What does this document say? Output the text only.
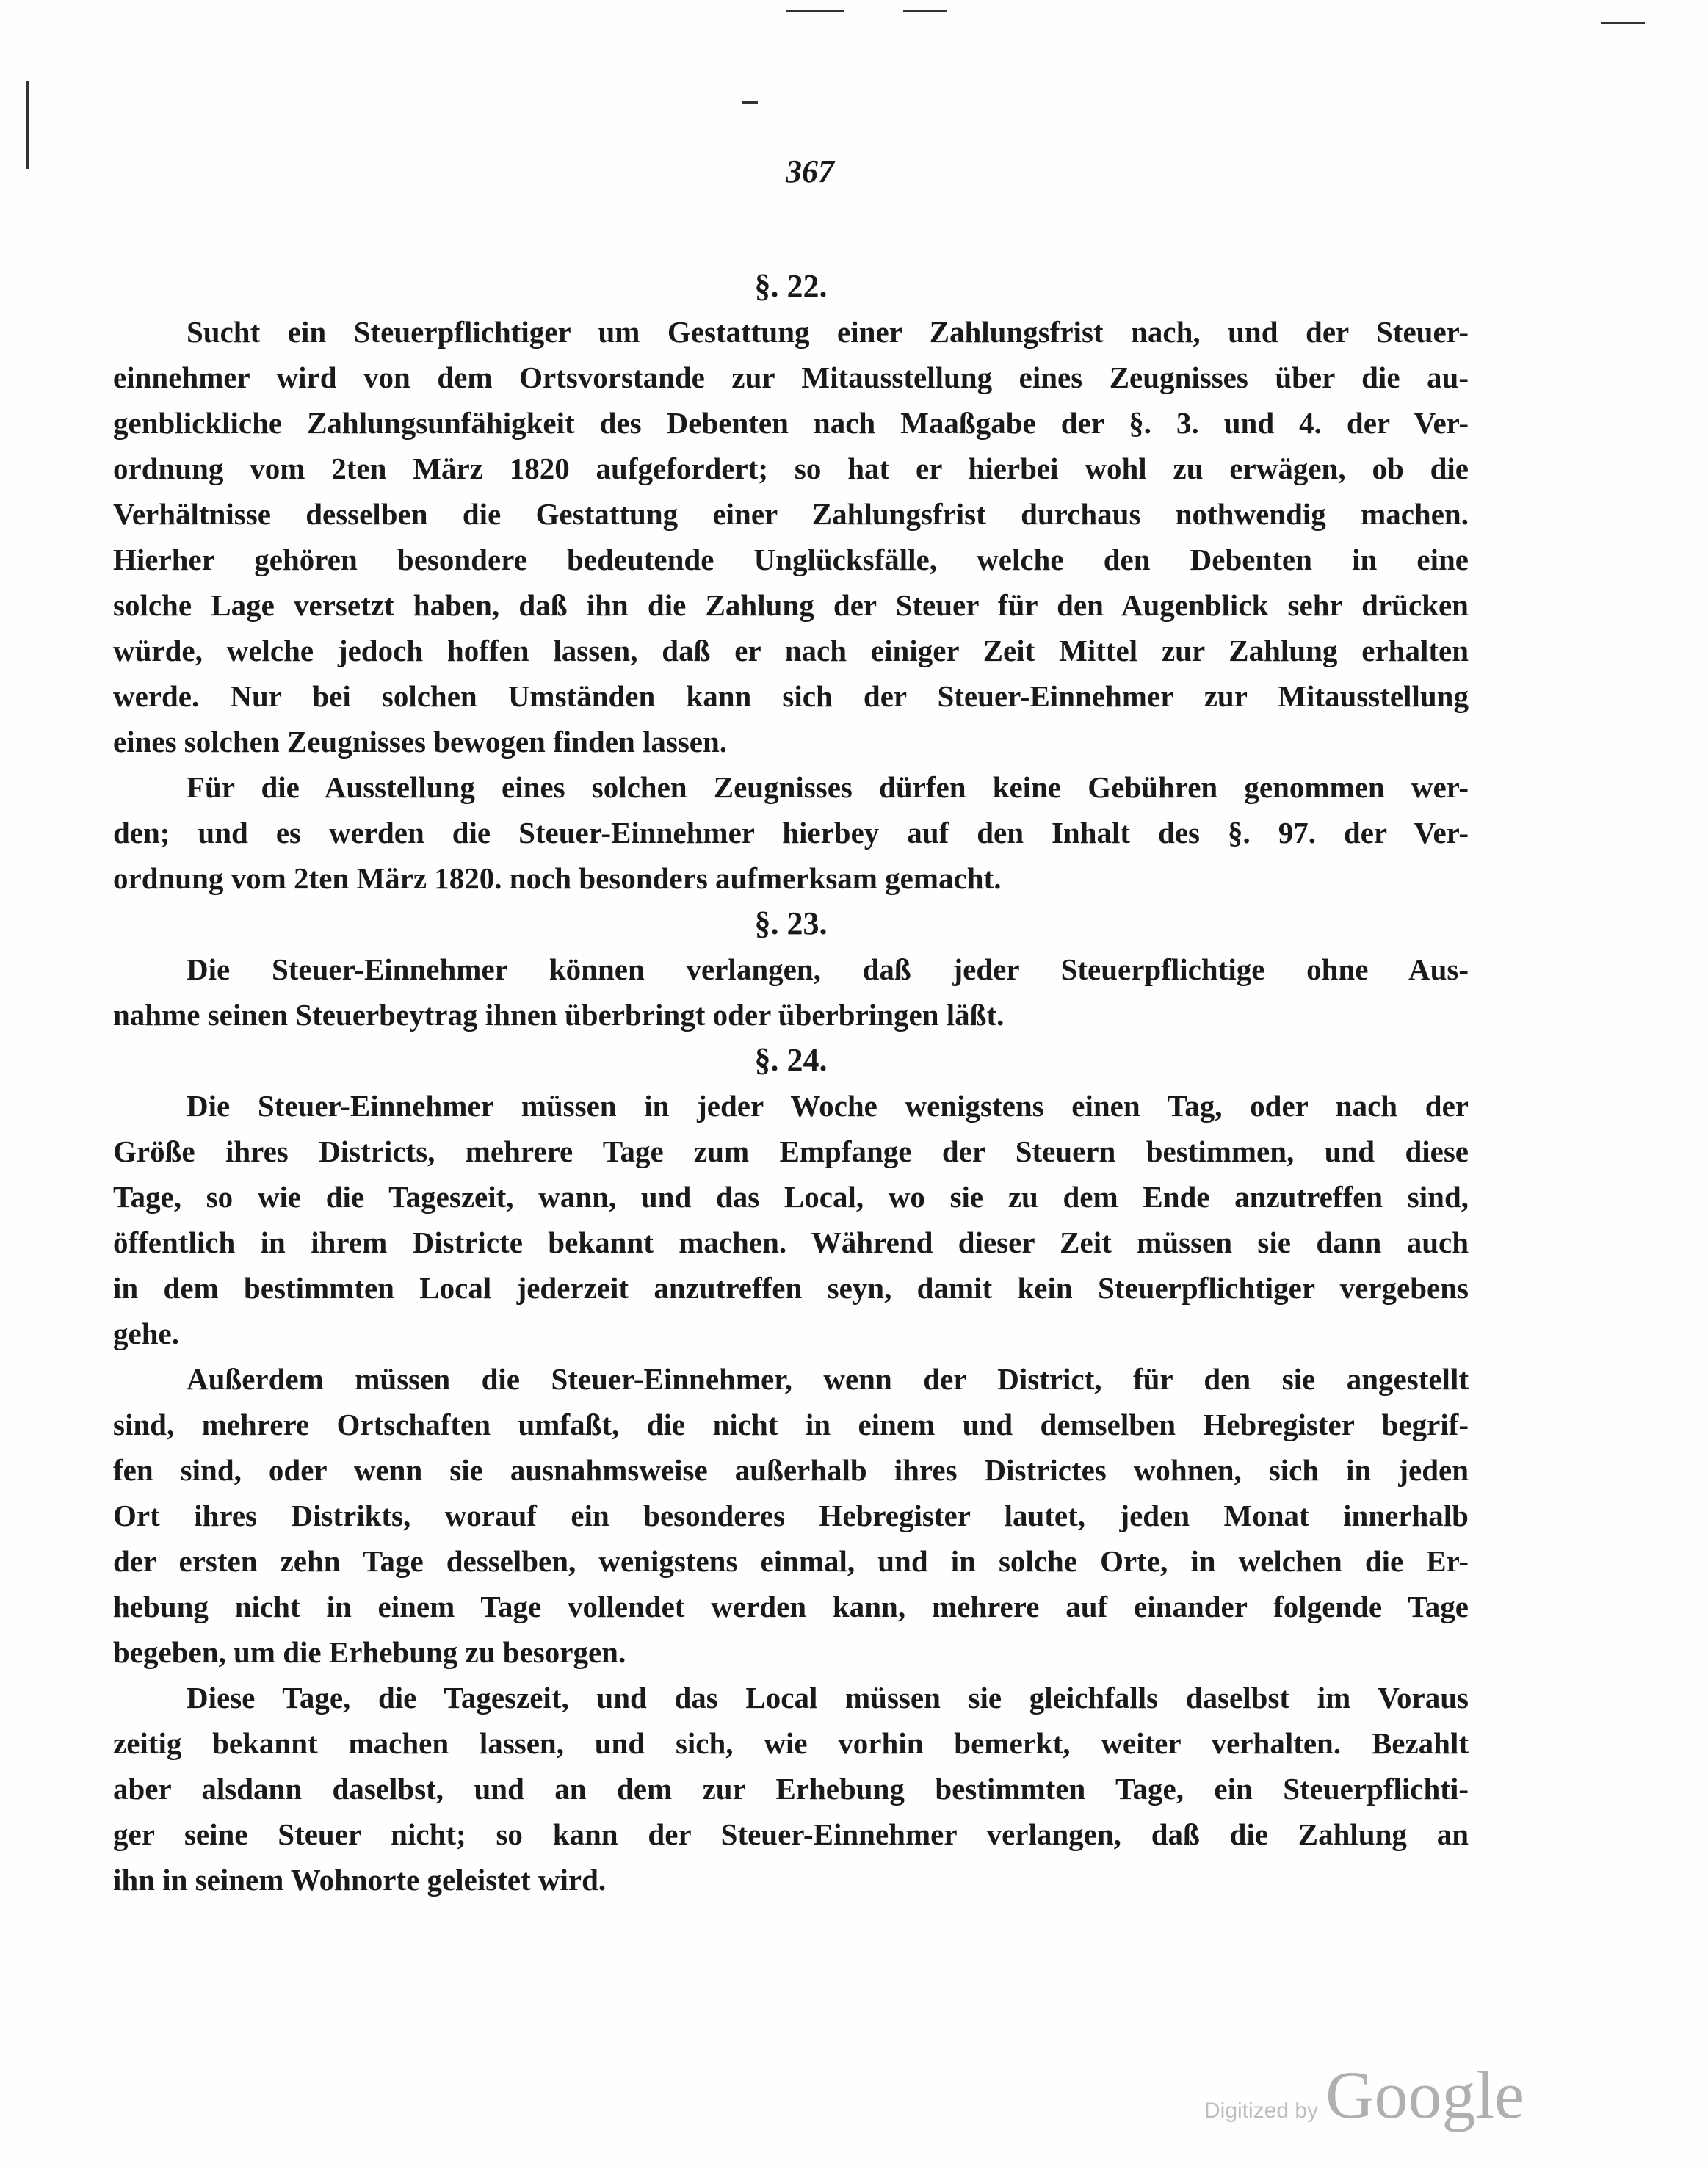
367
§. 22.
Sucht ein Steuerpflichtiger um Gestattung einer Zahlungsfrist nach, und der Steuer-
einnehmer wird von dem Ortsvorstande zur Mitausstellung eines Zeugnisses über die au-
genblickliche Zahlungsunfähigkeit des Debenten nach Maaßgabe der §. 3. und 4. der Ver-
ordnung vom 2ten März 1820 aufgefordert; so hat er hierbei wohl zu erwägen, ob die
Verhältnisse desselben die Gestattung einer Zahlungsfrist durchaus nothwendig machen.
Hierher gehören besondere bedeutende Unglücksfälle, welche den Debenten in eine
solche Lage versetzt haben, daß ihn die Zahlung der Steuer für den Augenblick sehr drücken
würde, welche jedoch hoffen lassen, daß er nach einiger Zeit Mittel zur Zahlung erhalten
werde. Nur bei solchen Umständen kann sich der Steuer-Einnehmer zur Mitausstellung
eines solchen Zeugnisses bewogen finden lassen.
Für die Ausstellung eines solchen Zeugnisses dürfen keine Gebühren genommen wer-
den; und es werden die Steuer-Einnehmer hierbey auf den Inhalt des §. 97. der Ver-
ordnung vom 2ten März 1820. noch besonders aufmerksam gemacht.
§. 23.
Die Steuer-Einnehmer können verlangen, daß jeder Steuerpflichtige ohne Aus-
nahme seinen Steuerbeytrag ihnen überbringt oder überbringen läßt.
§. 24.
Die Steuer-Einnehmer müssen in jeder Woche wenigstens einen Tag, oder nach der
Größe ihres Districts, mehrere Tage zum Empfange der Steuern bestimmen, und diese
Tage, so wie die Tageszeit, wann, und das Local, wo sie zu dem Ende anzutreffen sind,
öffentlich in ihrem Districte bekannt machen. Während dieser Zeit müssen sie dann auch
in dem bestimmten Local jederzeit anzutreffen seyn, damit kein Steuerpflichtiger vergebens
gehe.
Außerdem müssen die Steuer-Einnehmer, wenn der District, für den sie angestellt
sind, mehrere Ortschaften umfaßt, die nicht in einem und demselben Hebregister begrif-
fen sind, oder wenn sie ausnahmsweise außerhalb ihres Districtes wohnen, sich in jeden
Ort ihres Distrikts, worauf ein besonderes Hebregister lautet, jeden Monat innerhalb
der ersten zehn Tage desselben, wenigstens einmal, und in solche Orte, in welchen die Er-
hebung nicht in einem Tage vollendet werden kann, mehrere auf einander folgende Tage
begeben, um die Erhebung zu besorgen.
Diese Tage, die Tageszeit, und das Local müssen sie gleichfalls daselbst im Voraus
zeitig bekannt machen lassen, und sich, wie vorhin bemerkt, weiter verhalten. Bezahlt
aber alsdann daselbst, und an dem zur Erhebung bestimmten Tage, ein Steuerpflichti-
ger seine Steuer nicht; so kann der Steuer-Einnehmer verlangen, daß die Zahlung an
ihn in seinem Wohnorte geleistet wird.
Digitized by Google
